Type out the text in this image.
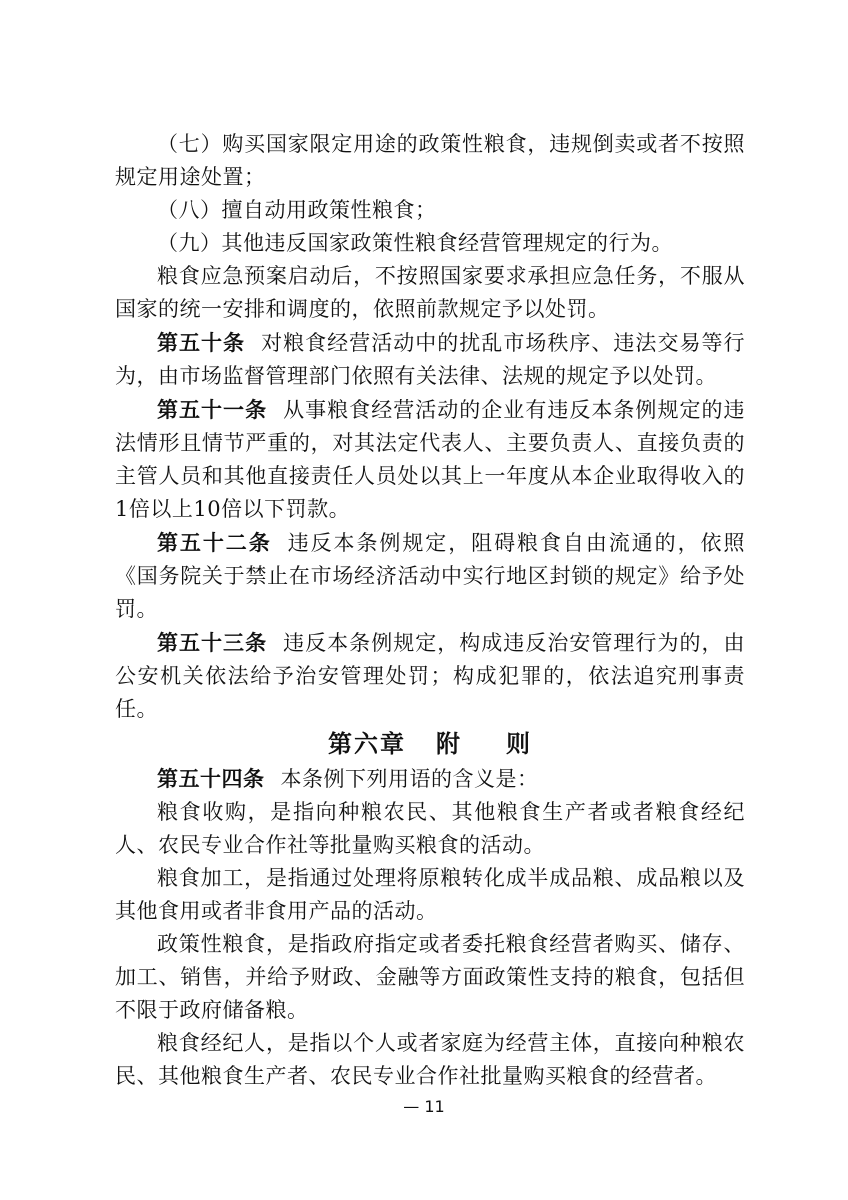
（七）购买国家限定用途的政策性粮食，违规倒卖或者不按照规定用途处置；

（八）擅自动用政策性粮食；

（九）其他违反国家政策性粮食经营管理规定的行为。

粮食应急预案启动后，不按照国家要求承担应急任务，不服从国家的统一安排和调度的，依照前款规定予以处罚。

第五十条 对粮食经营活动中的扰乱市场秩序、违法交易等行为，由市场监督管理部门依照有关法律、法规的规定予以处罚。

第五十一条 从事粮食经营活动的企业有违反本条例规定的违法情形且情节严重的，对其法定代表人、主要负责人、直接负责的主管人员和其他直接责任人员处以其上一年度从本企业取得收入的1倍以上10倍以下罚款。

第五十二条 违反本条例规定，阻碍粮食自由流通的，依照《国务院关于禁止在市场经济活动中实行地区封锁的规定》给予处罚。

第五十三条 违反本条例规定，构成违反治安管理行为的，由公安机关依法给予治安管理处罚；构成犯罪的，依法追究刑事责任。

第六章 附 则

第五十四条 本条例下列用语的含义是：

粮食收购，是指向种粮农民、其他粮食生产者或者粮食经纪人、农民专业合作社等批量购买粮食的活动。

粮食加工，是指通过处理将原粮转化成半成品粮、成品粮以及其他食用或者非食用产品的活动。

政策性粮食，是指政府指定或者委托粮食经营者购买、储存、加工、销售，并给予财政、金融等方面政策性支持的粮食，包括但不限于政府储备粮。

粮食经纪人，是指以个人或者家庭为经营主体，直接向种粮农民、其他粮食生产者、农民专业合作社批量购买粮食的经营者。

— 11
